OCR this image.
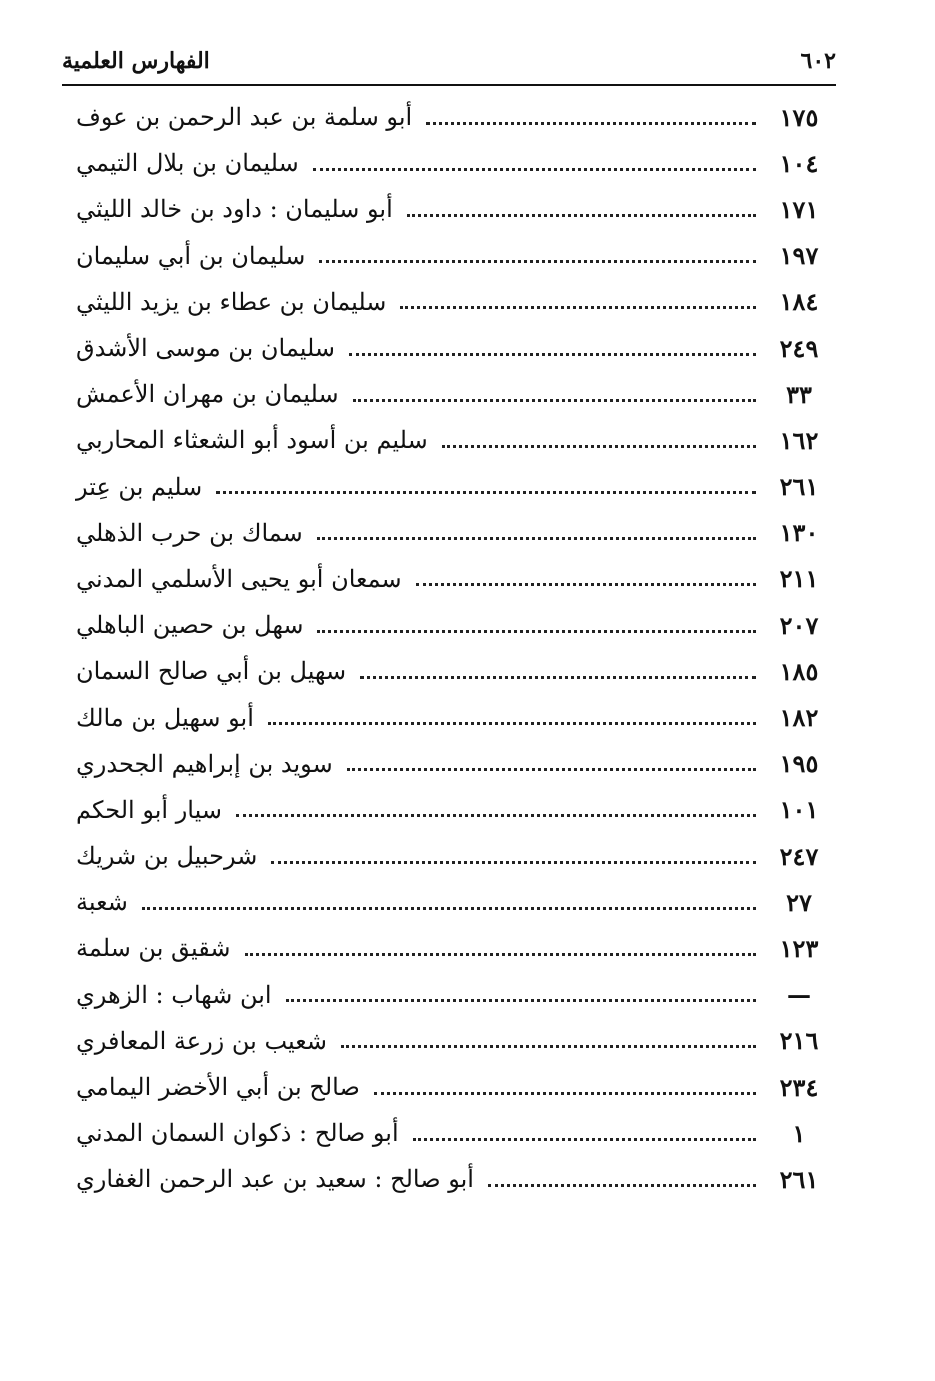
الفهارس العلمية	٦٠٢
أبو سلمة بن عبد الرحمن بن عوف	١٧٥
سليمان بن بلال التيمي	١٠٤
أبو سليمان : داود بن خالد الليثي	١٧١
سليمان بن أبي سليمان	١٩٧
سليمان بن عطاء بن يزيد الليثي	١٨٤
سليمان بن موسى الأشدق	٢٤٩
سليمان بن مهران الأعمش	٣٣
سليم بن أسود أبو الشعثاء المحاربي	١٦٢
سليم بن عِتر	٢٦١
سماك بن حرب الذهلي	١٣٠
سمعان أبو يحيى الأسلمي المدني	٢١١
سهل بن حصين الباهلي	٢٠٧
سهيل بن أبي صالح السمان	١٨٥
أبو سهيل بن مالك	١٨٢
سويد بن إبراهيم الجحدري	١٩٥
سيار أبو الحكم	١٠١
شرحبيل بن شريك	٢٤٧
شعبة	٢٧
شقيق بن سلمة	١٢٣
ابن شهاب : الزهري	—
شعيب بن زرعة المعافري	٢١٦
صالح بن أبي الأخضر اليمامي	٢٣٤
أبو صالح : ذكوان السمان المدني	١
أبو صالح : سعيد بن عبد الرحمن الغفاري	٢٦١
